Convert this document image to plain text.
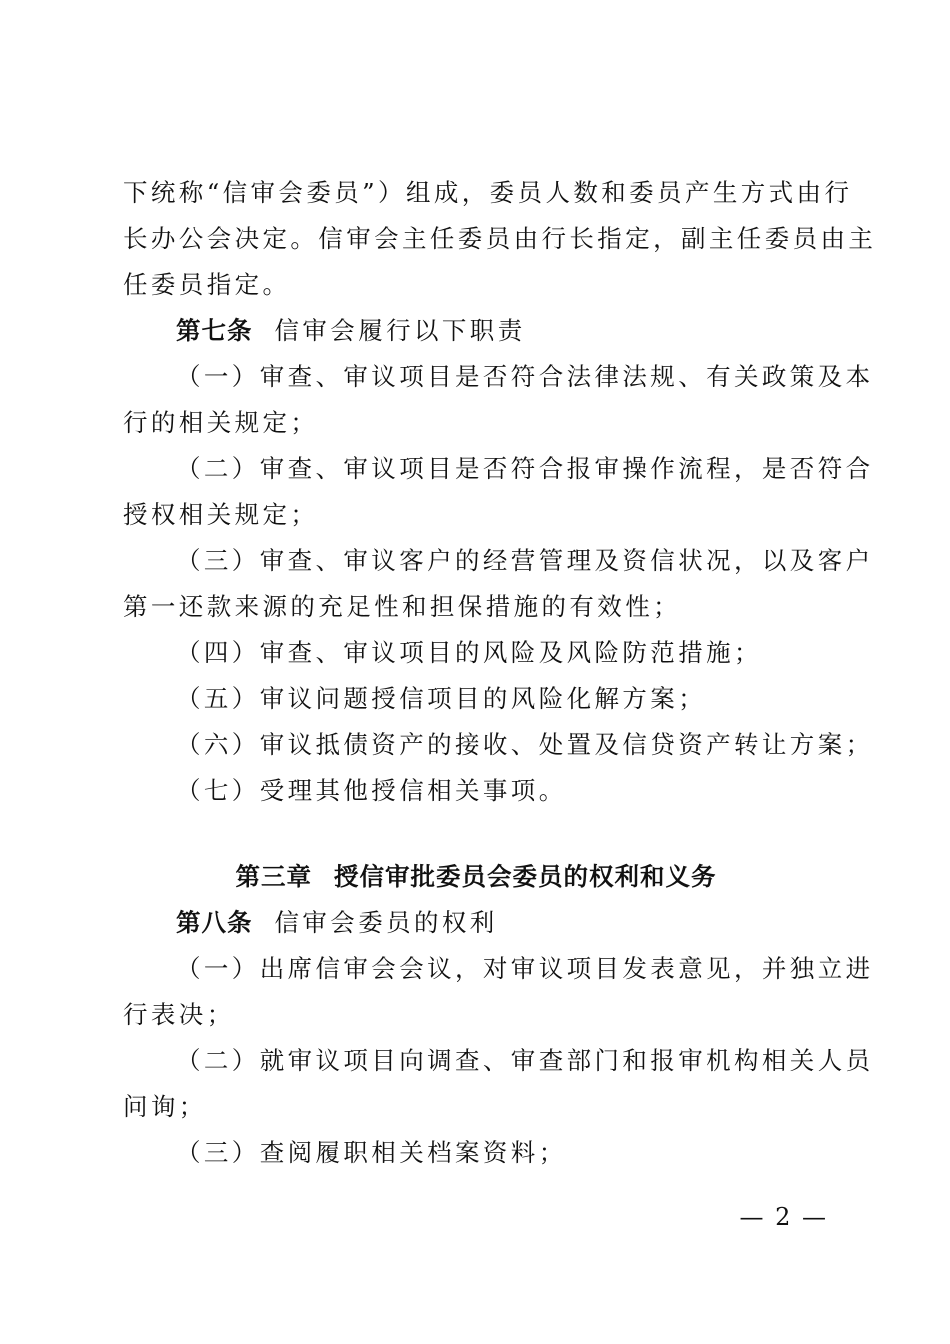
下统称“信审会委员”）组成，委员人数和委员产生方式由行
长办公会决定。信审会主任委员由行长指定，副主任委员由主
任委员指定。

第七条 信审会履行以下职责

（一）审查、审议项目是否符合法律法规、有关政策及本
行的相关规定；

（二）审查、审议项目是否符合报审操作流程，是否符合
授权相关规定；

（三）审查、审议客户的经营管理及资信状况，以及客户
第一还款来源的充足性和担保措施的有效性；

（四）审查、审议项目的风险及风险防范措施；

（五）审议问题授信项目的风险化解方案；

（六）审议抵债资产的接收、处置及信贷资产转让方案；

（七）受理其他授信相关事项。

第三章 授信审批委员会委员的权利和义务

第八条 信审会委员的权利

（一）出席信审会会议，对审议项目发表意见，并独立进
行表决；

（二）就审议项目向调查、审查部门和报审机构相关人员
问询；

（三）查阅履职相关档案资料；

— 2 —
